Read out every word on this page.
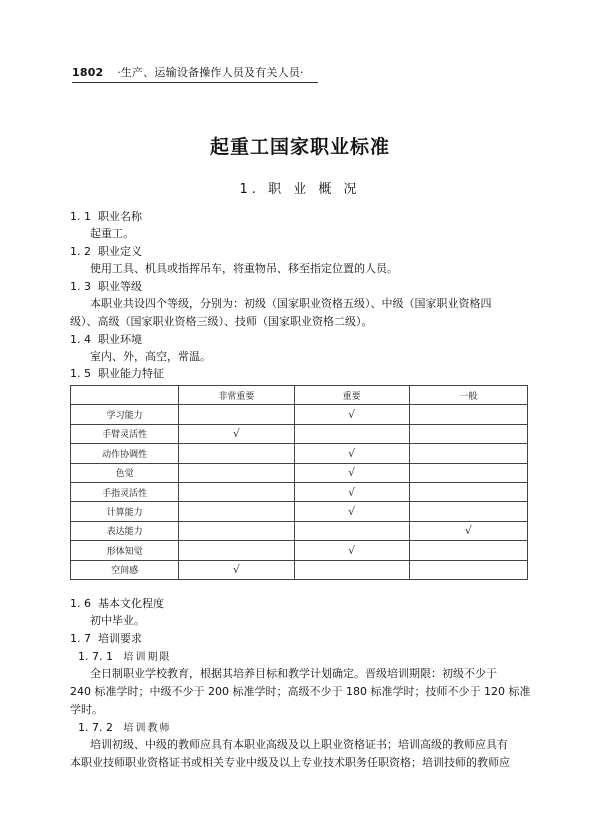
1802 ·生产、运输设备操作人员及有关人员·
起重工国家职业标准
1. 职 业 概 况
1. 1 职业名称
起重工。
1. 2 职业定义
使用工具、机具或指挥吊车，将重物吊、移至指定位置的人员。
1. 3 职业等级
本职业共设四个等级，分别为：初级（国家职业资格五级）、中级（国家职业资格四
级）、高级（国家职业资格三级）、技师（国家职业资格二级）。
1. 4 职业环境
室内、外，高空，常温。
1. 5 职业能力特征
	非常重要	重要	一般
学习能力		√	
手臂灵活性	√		
动作协调性		√	
色觉		√	
手指灵活性		√	
计算能力		√	
表达能力			√
形体知觉		√	
空间感	√		
1. 6 基本文化程度
初中毕业。
1. 7 培训要求
1. 7. 1 培训期限
全日制职业学校教育，根据其培养目标和教学计划确定。晋级培训期限：初级不少于
240 标准学时；中级不少于 200 标准学时；高级不少于 180 标准学时；技师不少于 120 标准
学时。
1. 7. 2 培训教师
培训初级、中级的教师应具有本职业高级及以上职业资格证书；培训高级的教师应具有
本职业技师职业资格证书或相关专业中级及以上专业技术职务任职资格；培训技师的教师应
